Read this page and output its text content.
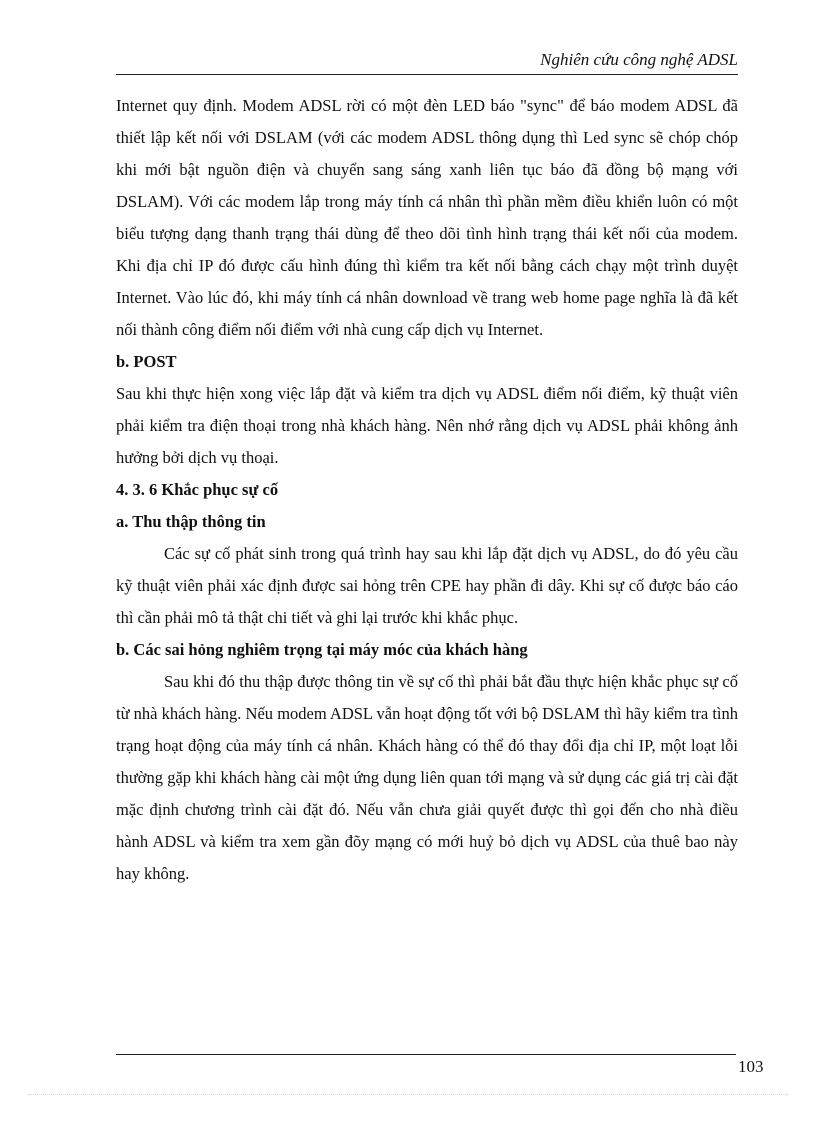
Nghiên cứu công nghệ ADSL

Internet quy định. Modem ADSL rời có một đèn LED báo "sync" để báo modem ADSL đã thiết lập kết nối với DSLAM (với các modem ADSL thông dụng thì Led sync sẽ chóp chóp khi mới bật nguồn điện và chuyển sang sáng xanh liên tục báo đã đồng bộ mạng với DSLAM). Với các modem lắp trong máy tính cá nhân thì phần mềm điều khiển luôn có một biểu tượng dạng thanh trạng thái dùng để theo dõi tình hình trạng thái kết nối của modem. Khi địa chỉ IP đó được cấu hình đúng thì kiểm tra kết nối bằng cách chạy một trình duyệt Internet. Vào lúc đó, khi máy tính cá nhân download về trang web home page nghĩa là đã kết nối thành công điểm nối điểm với nhà cung cấp dịch vụ Internet.

b. POST

Sau khi thực hiện xong việc lắp đặt và kiểm tra dịch vụ ADSL điểm nối điểm, kỹ thuật viên phải kiểm tra điện thoại trong nhà khách hàng. Nên nhớ rằng dịch vụ ADSL phải không ảnh hưởng bởi dịch vụ thoại.

4. 3. 6 Khắc phục sự cố

a. Thu thập thông tin

Các sự cố phát sinh trong quá trình hay sau khi lắp đặt dịch vụ ADSL, do đó yêu cầu kỹ thuật viên phải xác định được sai hỏng trên CPE hay phần đi dây. Khi sự cố được báo cáo thì cần phải mô tả thật chi tiết và ghi lại trước khi khắc phục.

b. Các sai hỏng nghiêm trọng tại máy móc của khách hàng

Sau khi đó thu thập được thông tin về sự cố thì phải bắt đầu thực hiện khắc phục sự cố từ nhà khách hàng. Nếu modem ADSL vẫn hoạt động tốt với bộ DSLAM thì hãy kiểm tra tình trạng hoạt động của máy tính cá nhân. Khách hàng có thể đó thay đổi địa chỉ IP, một loạt lỗi thường gặp khi khách hàng cài một ứng dụng liên quan tới mạng và sử dụng các giá trị cài đặt mặc định chương trình cài đặt đó. Nếu vẫn chưa giải quyết được thì gọi đến cho nhà điều hành ADSL và kiểm tra xem gần đõy mạng có mới huỷ bỏ dịch vụ ADSL của thuê bao này hay không.

103
